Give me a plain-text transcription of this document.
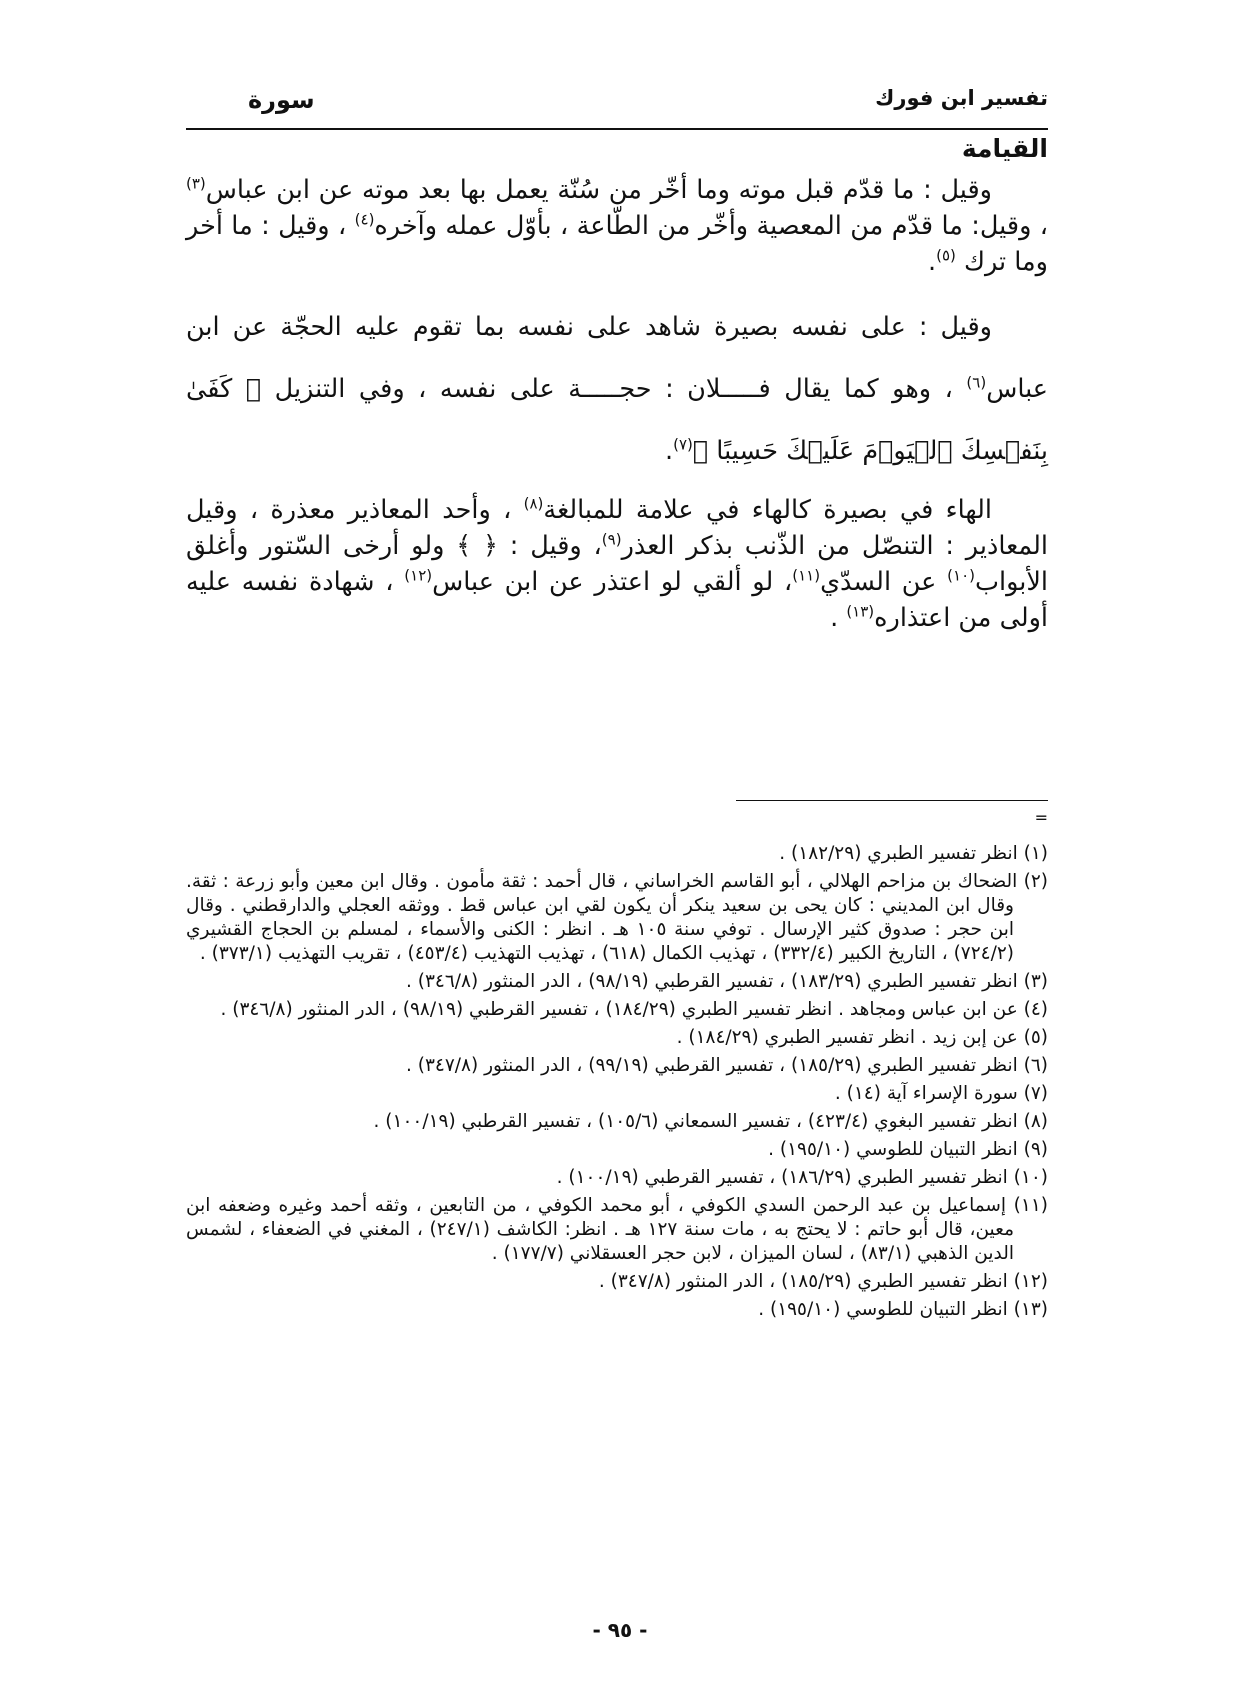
تفسير ابن فورك
سورة
القيامة

وقيل : ما قدّم قبل موته وما أخّر من سُنّة يعمل بها بعد موته عن ابن عباس$^{(٣)}$ ، وقيل: ما قدّم من المعصية وأخّر من الطّاعة ، بأوّل عمله وآخره$^{(٤)}$ ، وقيل : ما أخر وما ترك $^{(٥)}$.

وقيل : على نفسه بصيرة شاهد على نفسه بما تقوم عليه الحجّة عن ابن عباس$^{(٦)}$ ، وهو كما يقال فـــــلان : حجـــــة على نفسه ، وفي التنزيل ﴿ كَفَىٰ بِنَفۡسِكَ ٱلۡيَوۡمَ عَلَيۡكَ حَسِيبًا ﴾$^{(٧)}$.

الهاء في بصيرة كالهاء في علامة للمبالغة$^{(٨)}$ ، وأحد المعاذير معذرة ، وقيل المعاذير : التنصّل من الذّنب بذكر العذر$^{(٩)}$، وقيل : ﴿ ﴾ ولو أرخى السّتور وأغلق الأبواب$^{(١٠)}$ عن السدّي$^{(١١)}$، لو ألقي لو اعتذر عن ابن عباس$^{(١٢)}$ ، شهادة نفسه عليه أولى من اعتذاره$^{(١٣)}$ .

=

(١) انظر تفسير الطبري (١٨٢/٢٩) .

(٢) الضحاك بن مزاحم الهلالي ، أبو القاسم الخراساني ، قال أحمد : ثقة مأمون . وقال ابن معين وأبو زرعة : ثقة. وقال ابن المديني : كان يحى بن سعيد ينكر أن يكون لقي ابن عباس قط . ووثقه العجلي والدارقطني . وقال ابن حجر : صدوق كثير الإرسال . توفي سنة ١٠٥ هـ . انظر : الكنى والأسماء ، لمسلم بن الحجاج القشيري (٧٢٤/٢) ، التاريخ الكبير (٣٣٢/٤) ، تهذيب الكمال (٦١٨) ، تهذيب التهذيب (٤٥٣/٤) ، تقريب التهذيب (٣٧٣/١) .

(٣) انظر تفسير الطبري (١٨٣/٢٩) ، تفسير القرطبي (٩٨/١٩) ، الدر المنثور (٣٤٦/٨) .

(٤) عن ابن عباس ومجاهد . انظر تفسير الطبري (١٨٤/٢٩) ، تفسير القرطبي (٩٨/١٩) ، الدر المنثور (٣٤٦/٨) .

(٥) عن إبن زيد . انظر تفسير الطبري (١٨٤/٢٩) .

(٦) انظر تفسير الطبري (١٨٥/٢٩) ، تفسير القرطبي (٩٩/١٩) ، الدر المنثور (٣٤٧/٨) .

(٧) سورة الإسراء آية (١٤) .

(٨) انظر تفسير البغوي (٤٢٣/٤) ، تفسير السمعاني (١٠٥/٦) ، تفسير القرطبي (١٠٠/١٩) .

(٩) انظر التبيان للطوسي (١٩٥/١٠) .

(١٠) انظر تفسير الطبري (١٨٦/٢٩) ، تفسير القرطبي (١٠٠/١٩) .

(١١) إسماعيل بن عبد الرحمن السدي الكوفي ، أبو محمد الكوفي ، من التابعين ، وثقه أحمد وغيره وضعفه ابن معين، قال أبو حاتم : لا يحتج به ، مات سنة ١٢٧ هـ . انظر: الكاشف (٢٤٧/١) ، المغني في الضعفاء ، لشمس الدين الذهبي (٨٣/١) ، لسان الميزان ، لابن حجر العسقلاني (١٧٧/٧) .

(١٢) انظر تفسير الطبري (١٨٥/٢٩) ، الدر المنثور (٣٤٧/٨) .

(١٣) انظر التبيان للطوسي (١٩٥/١٠) .

- ٩٥ -
